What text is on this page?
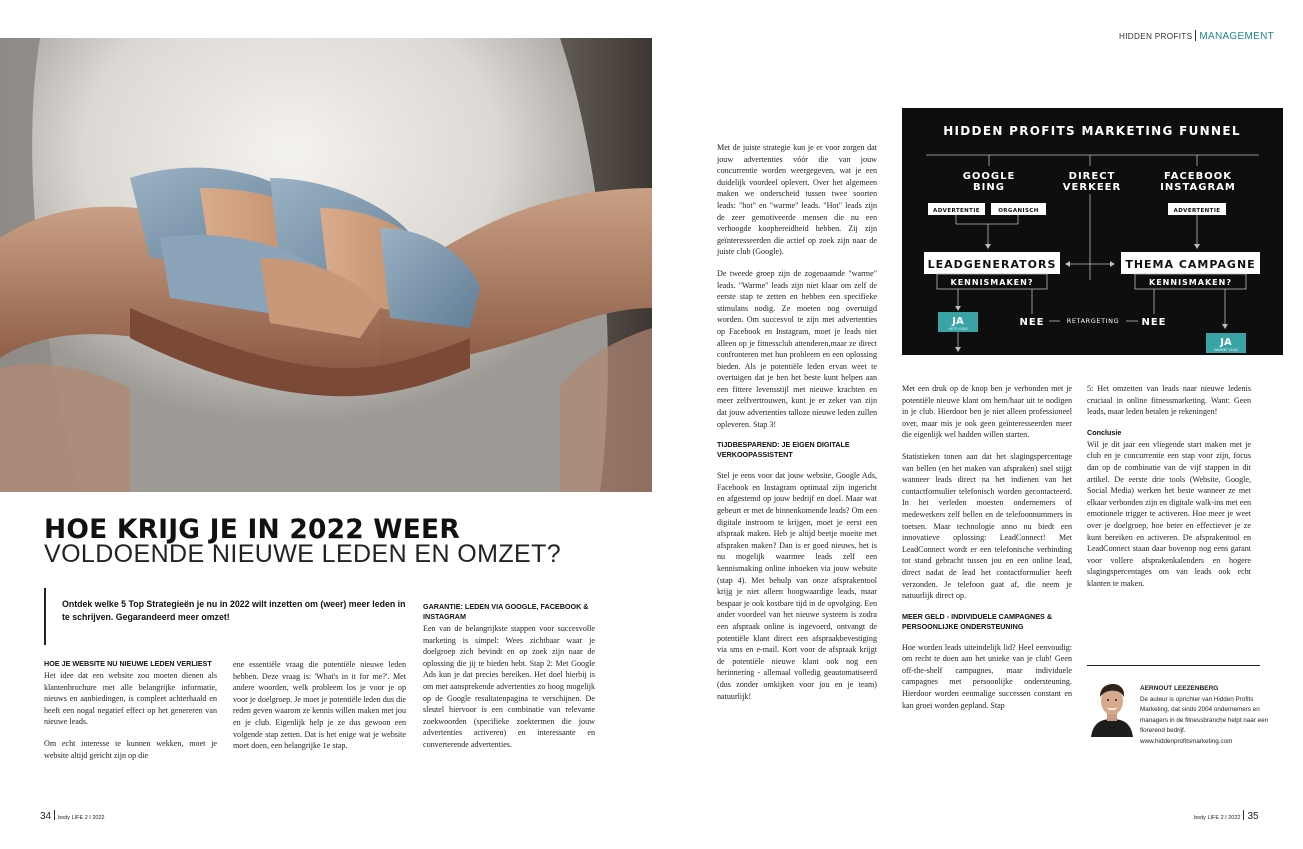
HIDDEN PROFITS MANAGEMENT
HOE KRIJG JE IN 2022 WEER
VOLDOENDE NIEUWE LEDEN EN OMZET?
Ontdek welke 5 Top Strategieën je nu in 2022 wilt inzetten om (weer) meer leden in te schrijven. Gegarandeerd meer omzet!
HOE JE WEBSITE NU NIEUWE LEDEN VERLIEST

Het idee dat een website zou moeten dienen als klantenbrochure met alle belangrijke informatie, nieuws en aanbiedingen, is compleet achterhaald en heeft een nogal negatief effect op het genereren van nieuwe leads.

Om echt interesse te kunnen wekken, moet je website altijd gericht zijn op die

ene essentiële vraag die potentiële nieuwe leden hebben. Deze vraag is: 'What's in it for me?'. Met andere woorden, welk probleem los je voor je op voor je doelgroep. Je moet je potentiële leden dus die reden geven waarom ze kennis willen maken met jou en je club. Eigenlijk help je ze dus gewoon een volgende stap zetten. Dat is het enige wat je website moet doen, een belangrijke 1e stap.

GARANTIE: LEDEN VIA GOOGLE, FACEBOOK & INSTAGRAM

Een van de belangrijkste stappen voor succesvolle marketing is simpel: Wees zichtbaar waar je doelgroep zich bevindt en op zoek zijn naar de oplossing die jij te bieden hebt. Stap 2: Met Google Ads kun je dat precies bereiken. Het doel hierbij is om met aansprekende advertenties zo hoog mogelijk op de Google resultatenpagina te verschijnen. De sleutel hiervoor is een combinatie van relevante zoekwoorden (specifieke zoektermen die jouw advertenties activeren) en interessante en converterende advertenties.

Met de juiste strategie kun je er voor zorgen dat jouw advertenties vóór die van jouw concurrentie worden weergegeven, wat je een duidelijk voordeel oplevert. Over het algemeen maken we onderscheid tussen twee soorten leads: "hot" en "warme" leads. "Hot" leads zijn de zeer gemotiveerde mensen die nu een verhoogde koopbereidheid hebben. Zij zijn geïnteresseerden die actief op zoek zijn naar de juiste club (Google).

De tweede groep zijn de zogenaamde "warme" leads. "Warme" leads zijn niet klaar om zelf de eerste stap te zetten en hebben een specifieke stimulans nodig. Ze moeten nog overtuigd worden. Om succesvol te zijn met advertenties op Facebook en Instagram, moet je leads niet alleen op je fitnessclub attenderen,maar ze direct confronteren met hun probleem en een oplossing bieden. Als je potentiële leden ervan weet te overtuigen dat je hen het beste kunt helpen aan een fittere levensstijl met nieuwe krachten en meer zelfvertrouwen, kunt je er zeker van zijn dat jouw advertenties talloze nieuwe leden zullen opleveren. Stap 3!

TIJDBESPAREND: JE EIGEN DIGITALE VERKOOPASSISTENT

Stel je eens voor dat jouw website, Google Ads, Facebook en Instagram optimaal zijn ingericht en afgestemd op jouw bedrijf en doel. Maar wat gebeurt er met de binnenkomende leads? Om een digitale instroom te krijgen, moet je eerst een afspraak maken. Heb je altijd beetje moeite met afspraken maken? Dan is er goed nieuws, het is nu mogelijk waarmee leads zelf een kennismaking online inboeken via jouw website (stap 4). Met behulp van onze afsprakentool krijg je niet alleen hoogwaardige leads, maar bespaar je ook kostbare tijd in de opvolging. Een ander voordeel van het nieuwe systeem is zodra een afspraak online is ingevoerd, ontvangt de potentiële klant direct een afspraakbevestiging via sms en e-mail. Kort voor de afspraak krijgt de potentiële nieuwe klant ook nog een herinnering - allemaal volledig geautomatiseerd (dus zonder omkijken voor jou en je team) natuurlijk!

HIDDEN PROFITS MARKETING FUNNEL
GOOGLE
BING
DIRECT
VERKEER
FACEBOOK
INSTAGRAM
ADVERTENTIE	ORGANISCH	ADVERTENTIE
LEADGENERATORS	THEMA CAMPAGNE
KENNISMAKEN?	KENNISMAKEN?
JA
HETE LEAD
NEE	RETARGETING NEE
JA
WARME LEAD

Met een druk op de knop ben je verbonden met je potentiële nieuwe klant om hem/haar uit te nodigen in je club. Hierdoor ben je niet alleen professioneel over, maar mis je ook geen geïnteresseerden meer die eigenlijk wel hadden willen starten.

Statistieken tonen aan dat het slagingspercentage van bellen (en het maken van afspraken) snel stijgt wanneer leads direct na het indienen van het contactformulier telefonisch worden gecontacteerd. In het verleden moesten ondernemers of medewerkers zelf bellen en de telefoonnummers in toetsen. Maar technologie anno nu biedt een innovatieve oplossing: LeadConnect! Met LeadConnect wordt er een telefonische verbinding tot stand gebracht tussen jou en een online lead, direct nadat de lead het contactformulier heeft verzonden. Je telefoon gaat af, die neem je natuurlijk direct op.

MEER GELD - INDIVIDUELE CAMPAGNES & PERSOONLIJKE ONDERSTEUNING

Hoe worden leads uiteindelijk lid? Heel eenvoudig: om recht te doen aan het unieke van je club! Geen off-the-shelf campagnes, maar individuele campagnes met persoonlijke ondersteuning. Hierdoor worden eenmalige successen constant en kan groei worden gepland. Stap

5: Het omzetten van leads naar nieuwe ledenis cruciaal in online fitnessmarketing. Want: Geen leads, maar leden betalen je rekeningen!

Conclusie

Wil je dit jaar een vliegende start maken met je club en je concurrentie een stap voor zijn, focus dan op de combinatie van de vijf stappen in dit artikel. De eerste drie tools (Website, Google, Social Media) werken het beste wanneer ze met elkaar verbonden zijn en digitale walk-ins met een emotionele trigger te activeren. Hoe meer je weet over je doelgroep, hoe beter en effectiever je ze kunt bereiken en activeren. De afsprakentool en LeadConnect staan daar bovenop nog eens garant voor vollere afsprakenkalenders en hogere slagingspercentages om van leads ook echt klanten te maken.

AERNOUT LEEZENBERG
De auteur is oprichter van Hidden Profits Marketing, dat sinds 2004 ondernemers en managers in de fitnessbranche helpt naar een florerend bedrijf.
www.hiddenprofitsmarketing.com
34 body LIFE 2 I 2022	body LIFE 2 I 2022 35
